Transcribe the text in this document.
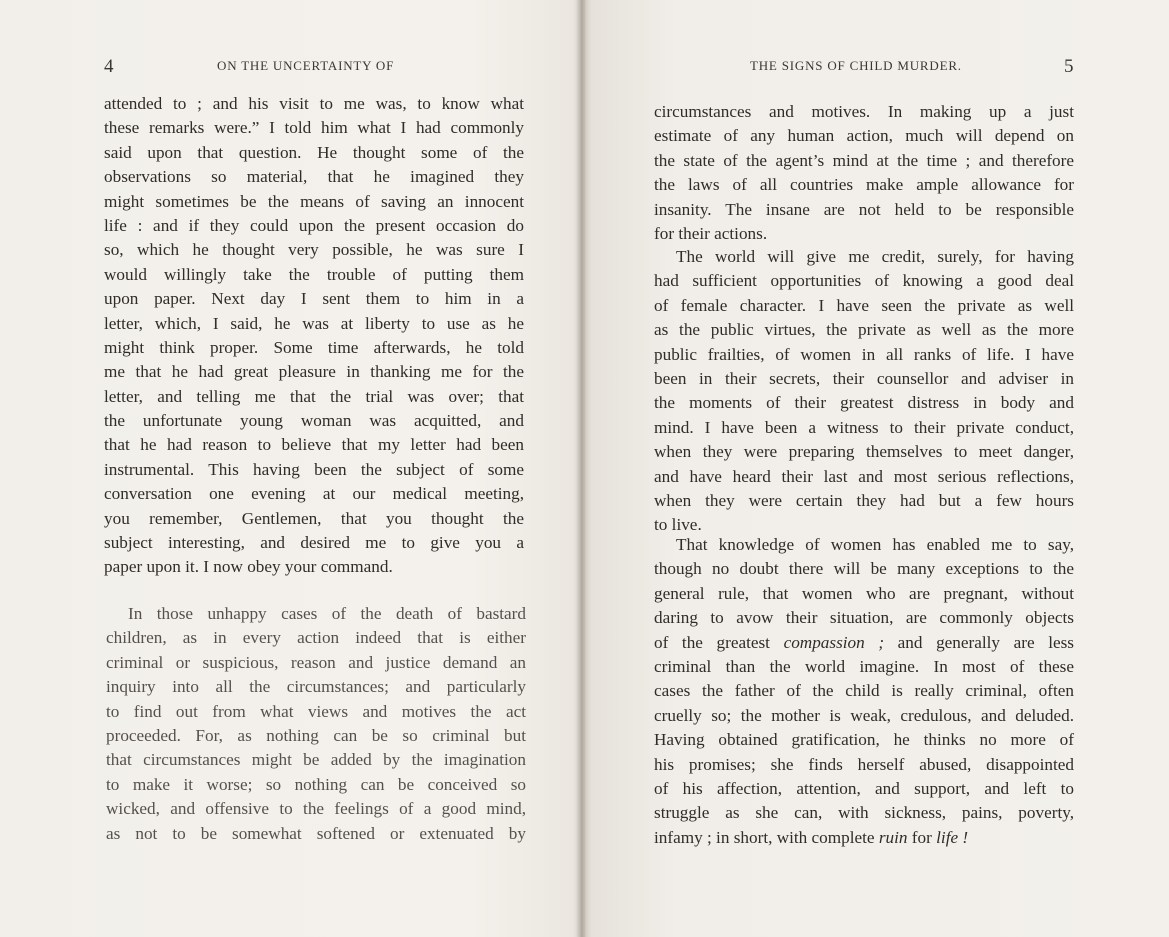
4	ON THE UNCERTAINTY OF
attended to ; and his visit to me was, to know what
these remarks were.” I told him what I had commonly
said upon that question. He thought some of the
observations so material, that he imagined they
might sometimes be the means of saving an innocent
life : and if they could upon the present occasion do
so, which he thought very possible, he was sure I
would willingly take the trouble of putting them
upon paper. Next day I sent them to him in a
letter, which, I said, he was at liberty to use as he
might think proper. Some time afterwards, he told
me that he had great pleasure in thanking me for the
letter, and telling me that the trial was over; that
the unfortunate young woman was acquitted, and
that he had reason to believe that my letter had been
instrumental. This having been the subject of some
conversation one evening at our medical meeting,
you remember, Gentlemen, that you thought the
subject interesting, and desired me to give you a
paper upon it. I now obey your command.
In those unhappy cases of the death of bastard
children, as in every action indeed that is either
criminal or suspicious, reason and justice demand an
inquiry into all the circumstances; and particularly
to find out from what views and motives the act
proceeded. For, as nothing can be so criminal but
that circumstances might be added by the imagination
to make it worse; so nothing can be conceived so
wicked, and offensive to the feelings of a good mind,
as not to be somewhat softened or extenuated by
THE SIGNS OF CHILD MURDER.	5
circumstances and motives. In making up a just
estimate of any human action, much will depend on
the state of the agent’s mind at the time ; and therefore
the laws of all countries make ample allowance for
insanity. The insane are not held to be responsible
for their actions.
The world will give me credit, surely, for having
had sufficient opportunities of knowing a good deal
of female character. I have seen the private as well
as the public virtues, the private as well as the more
public frailties, of women in all ranks of life. I have
been in their secrets, their counsellor and adviser in
the moments of their greatest distress in body and
mind. I have been a witness to their private conduct,
when they were preparing themselves to meet danger,
and have heard their last and most serious reflections,
when they were certain they had but a few hours
to live.
That knowledge of women has enabled me to say,
though no doubt there will be many exceptions to the
general rule, that women who are pregnant, without
daring to avow their situation, are commonly objects
of the greatest compassion ; and generally are less
criminal than the world imagine. In most of these
cases the father of the child is really criminal, often
cruelly so; the mother is weak, credulous, and deluded.
Having obtained gratification, he thinks no more of
his promises; she finds herself abused, disappointed
of his affection, attention, and support, and left to
struggle as she can, with sickness, pains, poverty,
infamy ; in short, with complete ruin for life !
